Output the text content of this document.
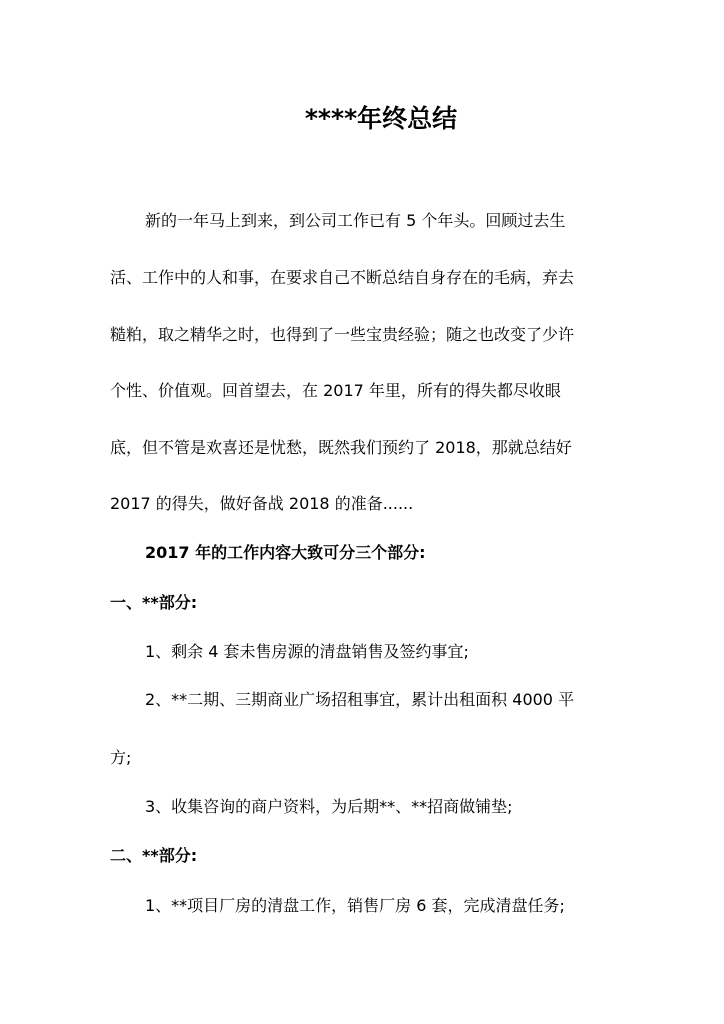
****年终总结

新的一年马上到来，到公司工作已有 5 个年头。回顾过去生

活、工作中的人和事，在要求自己不断总结自身存在的毛病，弃去

糙粕，取之精华之时，也得到了一些宝贵经验；随之也改变了少许

个性、价值观。回首望去，在 2017 年里，所有的得失都尽收眼

底，但不管是欢喜还是忧愁，既然我们预约了 2018，那就总结好

2017 的得失，做好备战 2018 的准备......

2017 年的工作内容大致可分三个部分:

一、**部分:

1、剩余 4 套未售房源的清盘销售及签约事宜;

2、**二期、三期商业广场招租事宜，累计出租面积 4000 平

方;

3、收集咨询的商户资料，为后期**、**招商做铺垫;

二、**部分:

1、**项目厂房的清盘工作，销售厂房 6 套，完成清盘任务;
